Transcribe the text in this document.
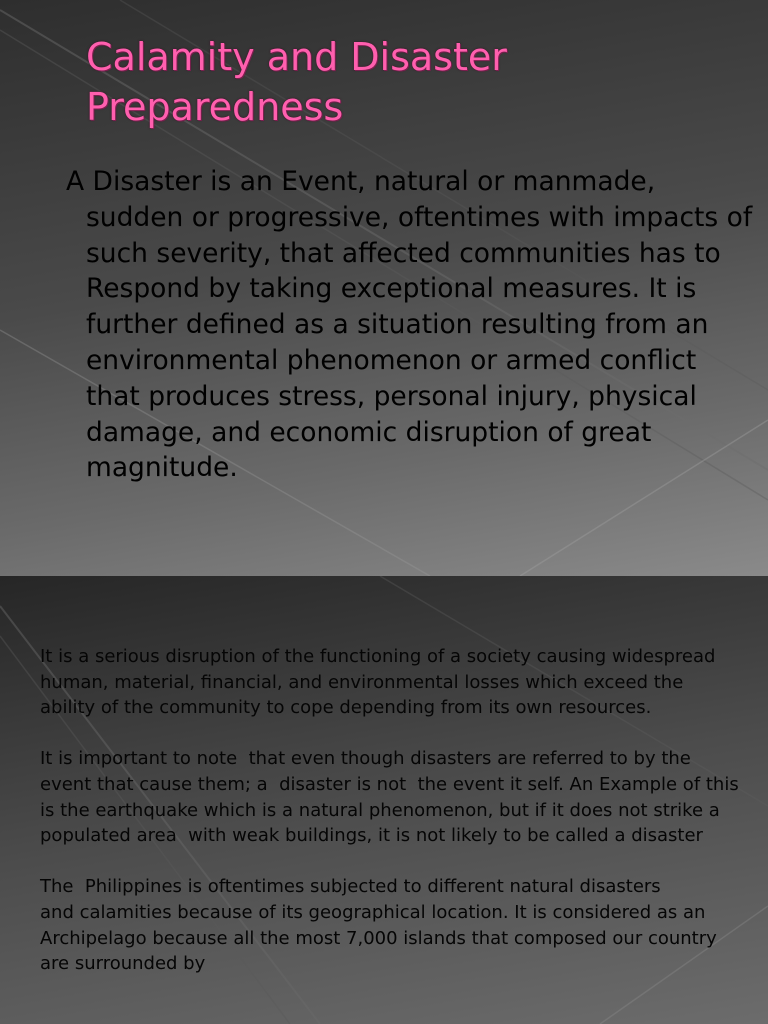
Calamity and Disaster
Preparedness

A Disaster is an Event, natural or manmade, sudden or progressive, oftentimes with impacts of such severity, that affected communities has to Respond by taking exceptional measures. It is further defined as a situation resulting from an environmental phenomenon or armed conflict that produces stress, personal injury, physical damage, and economic disruption of great magnitude.

It is a serious disruption of the functioning of a society causing widespread human, material, financial, and environmental losses which exceed the ability of the community to cope depending from its own resources.

It is important to note  that even though disasters are referred to by the event that cause them; a  disaster is not  the event it self. An Example of this is the earthquake which is a natural phenomenon, but if it does not strike a populated area  with weak buildings, it is not likely to be called a disaster

The  Philippines is oftentimes subjected to different natural disasters           and calamities because of its geographical location. It is considered as an Archipelago because all the most 7,000 islands that composed our country are surrounded by
